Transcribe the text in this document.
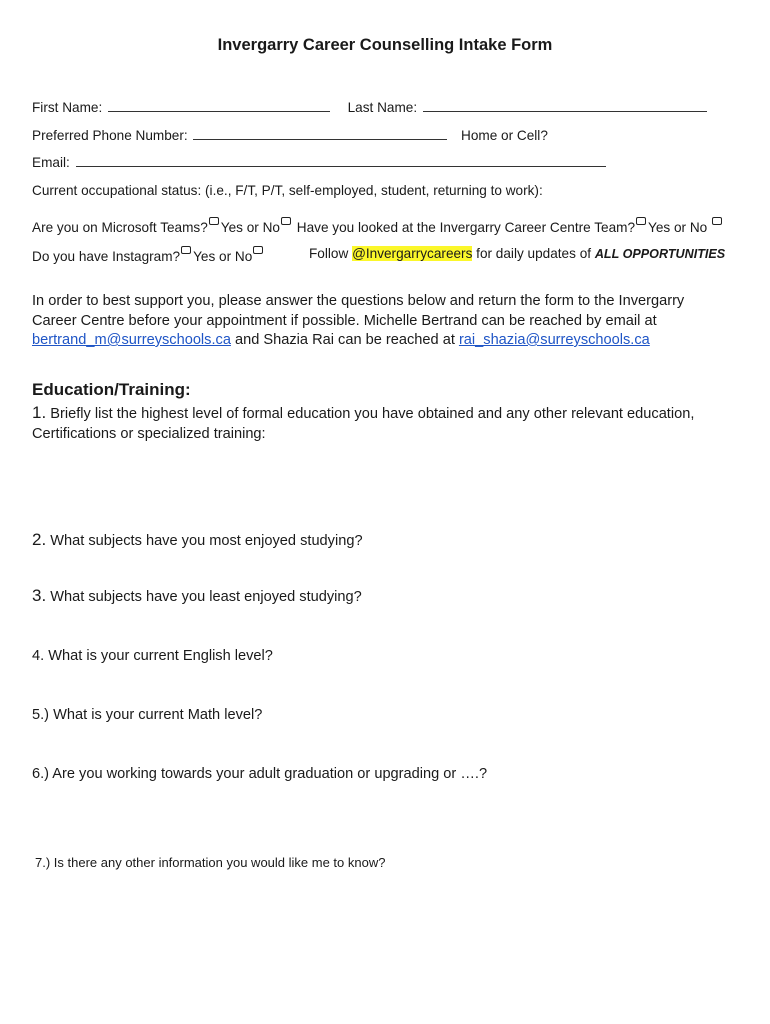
Invergarry Career Counselling Intake Form
First Name:	Last Name:
Preferred Phone Number:	Home or Cell?
Email:
Current occupational status: (i.e., F/T, P/T, self-employed, student, returning to work):
Are you on Microsoft Teams? Yes or No Have you looked at the Invergarry Career Centre Team? Yes or No
Do you have Instagram? Yes or No	Follow @Invergarrycareers for daily updates of ALL OPPORTUNITIES
In order to best support you, please answer the questions below and return the form to the Invergarry Career Centre before your appointment if possible. Michelle Bertrand can be reached by email at bertrand_m@surreyschools.ca and Shazia Rai can be reached at rai_shazia@surreyschools.ca
Education/Training:
1. Briefly list the highest level of formal education you have obtained and any other relevant education, Certifications or specialized training:
2. What subjects have you most enjoyed studying?
3. What subjects have you least enjoyed studying?
4. What is your current English level?
5.) What is your current Math level?
6.) Are you working towards your adult graduation or upgrading or ….?
7.) Is there any other information you would like me to know?
